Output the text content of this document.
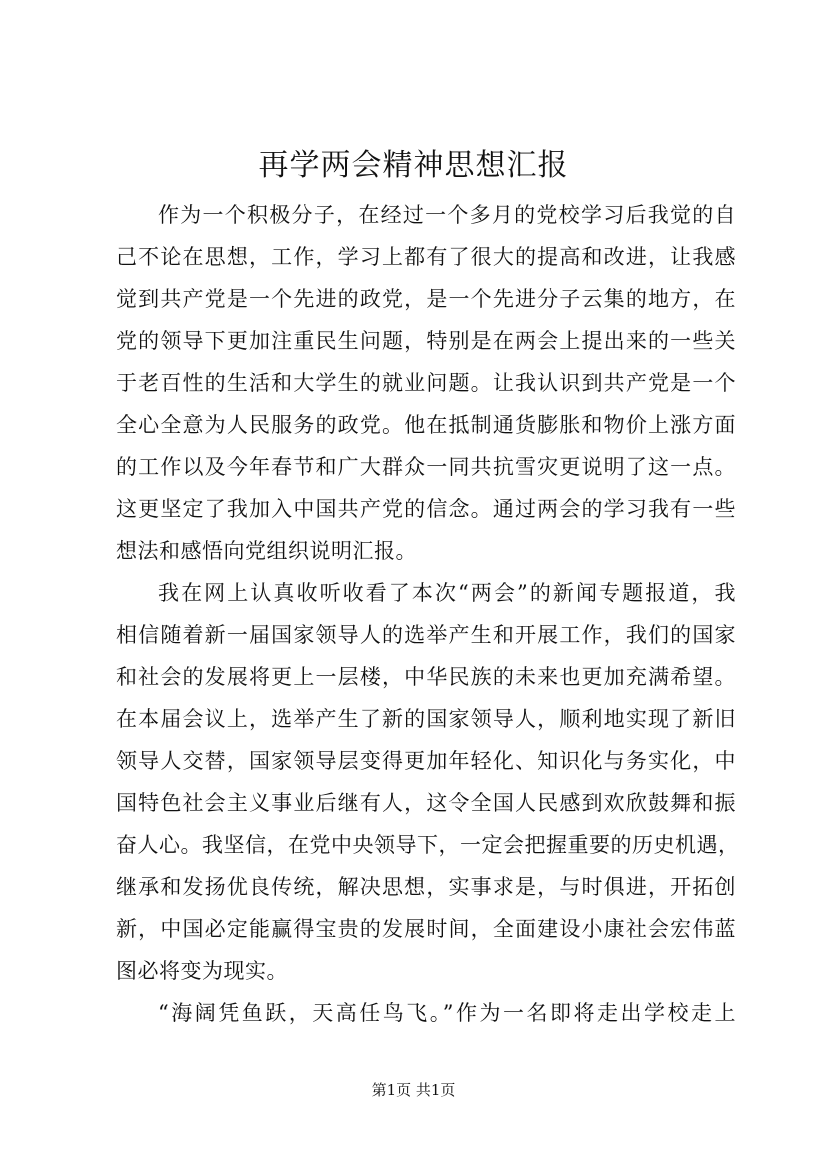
再学两会精神思想汇报
作为一个积极分子，在经过一个多月的党校学习后我觉的自
己不论在思想，工作，学习上都有了很大的提高和改进，让我感
觉到共产党是一个先进的政党，是一个先进分子云集的地方，在
党的领导下更加注重民生问题，特别是在两会上提出来的一些关
于老百性的生活和大学生的就业问题。让我认识到共产党是一个
全心全意为人民服务的政党。他在抵制通货膨胀和物价上涨方面
的工作以及今年春节和广大群众一同共抗雪灾更说明了这一点。
这更坚定了我加入中国共产党的信念。通过两会的学习我有一些
想法和感悟向党组织说明汇报。
我在网上认真收听收看了本次“两会”的新闻专题报道，我
相信随着新一届国家领导人的选举产生和开展工作，我们的国家
和社会的发展将更上一层楼，中华民族的未来也更加充满希望。
在本届会议上，选举产生了新的国家领导人，顺利地实现了新旧
领导人交替，国家领导层变得更加年轻化、知识化与务实化，中
国特色社会主义事业后继有人，这令全国人民感到欢欣鼓舞和振
奋人心。我坚信，在党中央领导下，一定会把握重要的历史机遇，
继承和发扬优良传统，解决思想，实事求是，与时俱进，开拓创
新，中国必定能赢得宝贵的发展时间，全面建设小康社会宏伟蓝
图必将变为现实。
“海阔凭鱼跃，天高任鸟飞。”作为一名即将走出学校走上
第1页 共1页
